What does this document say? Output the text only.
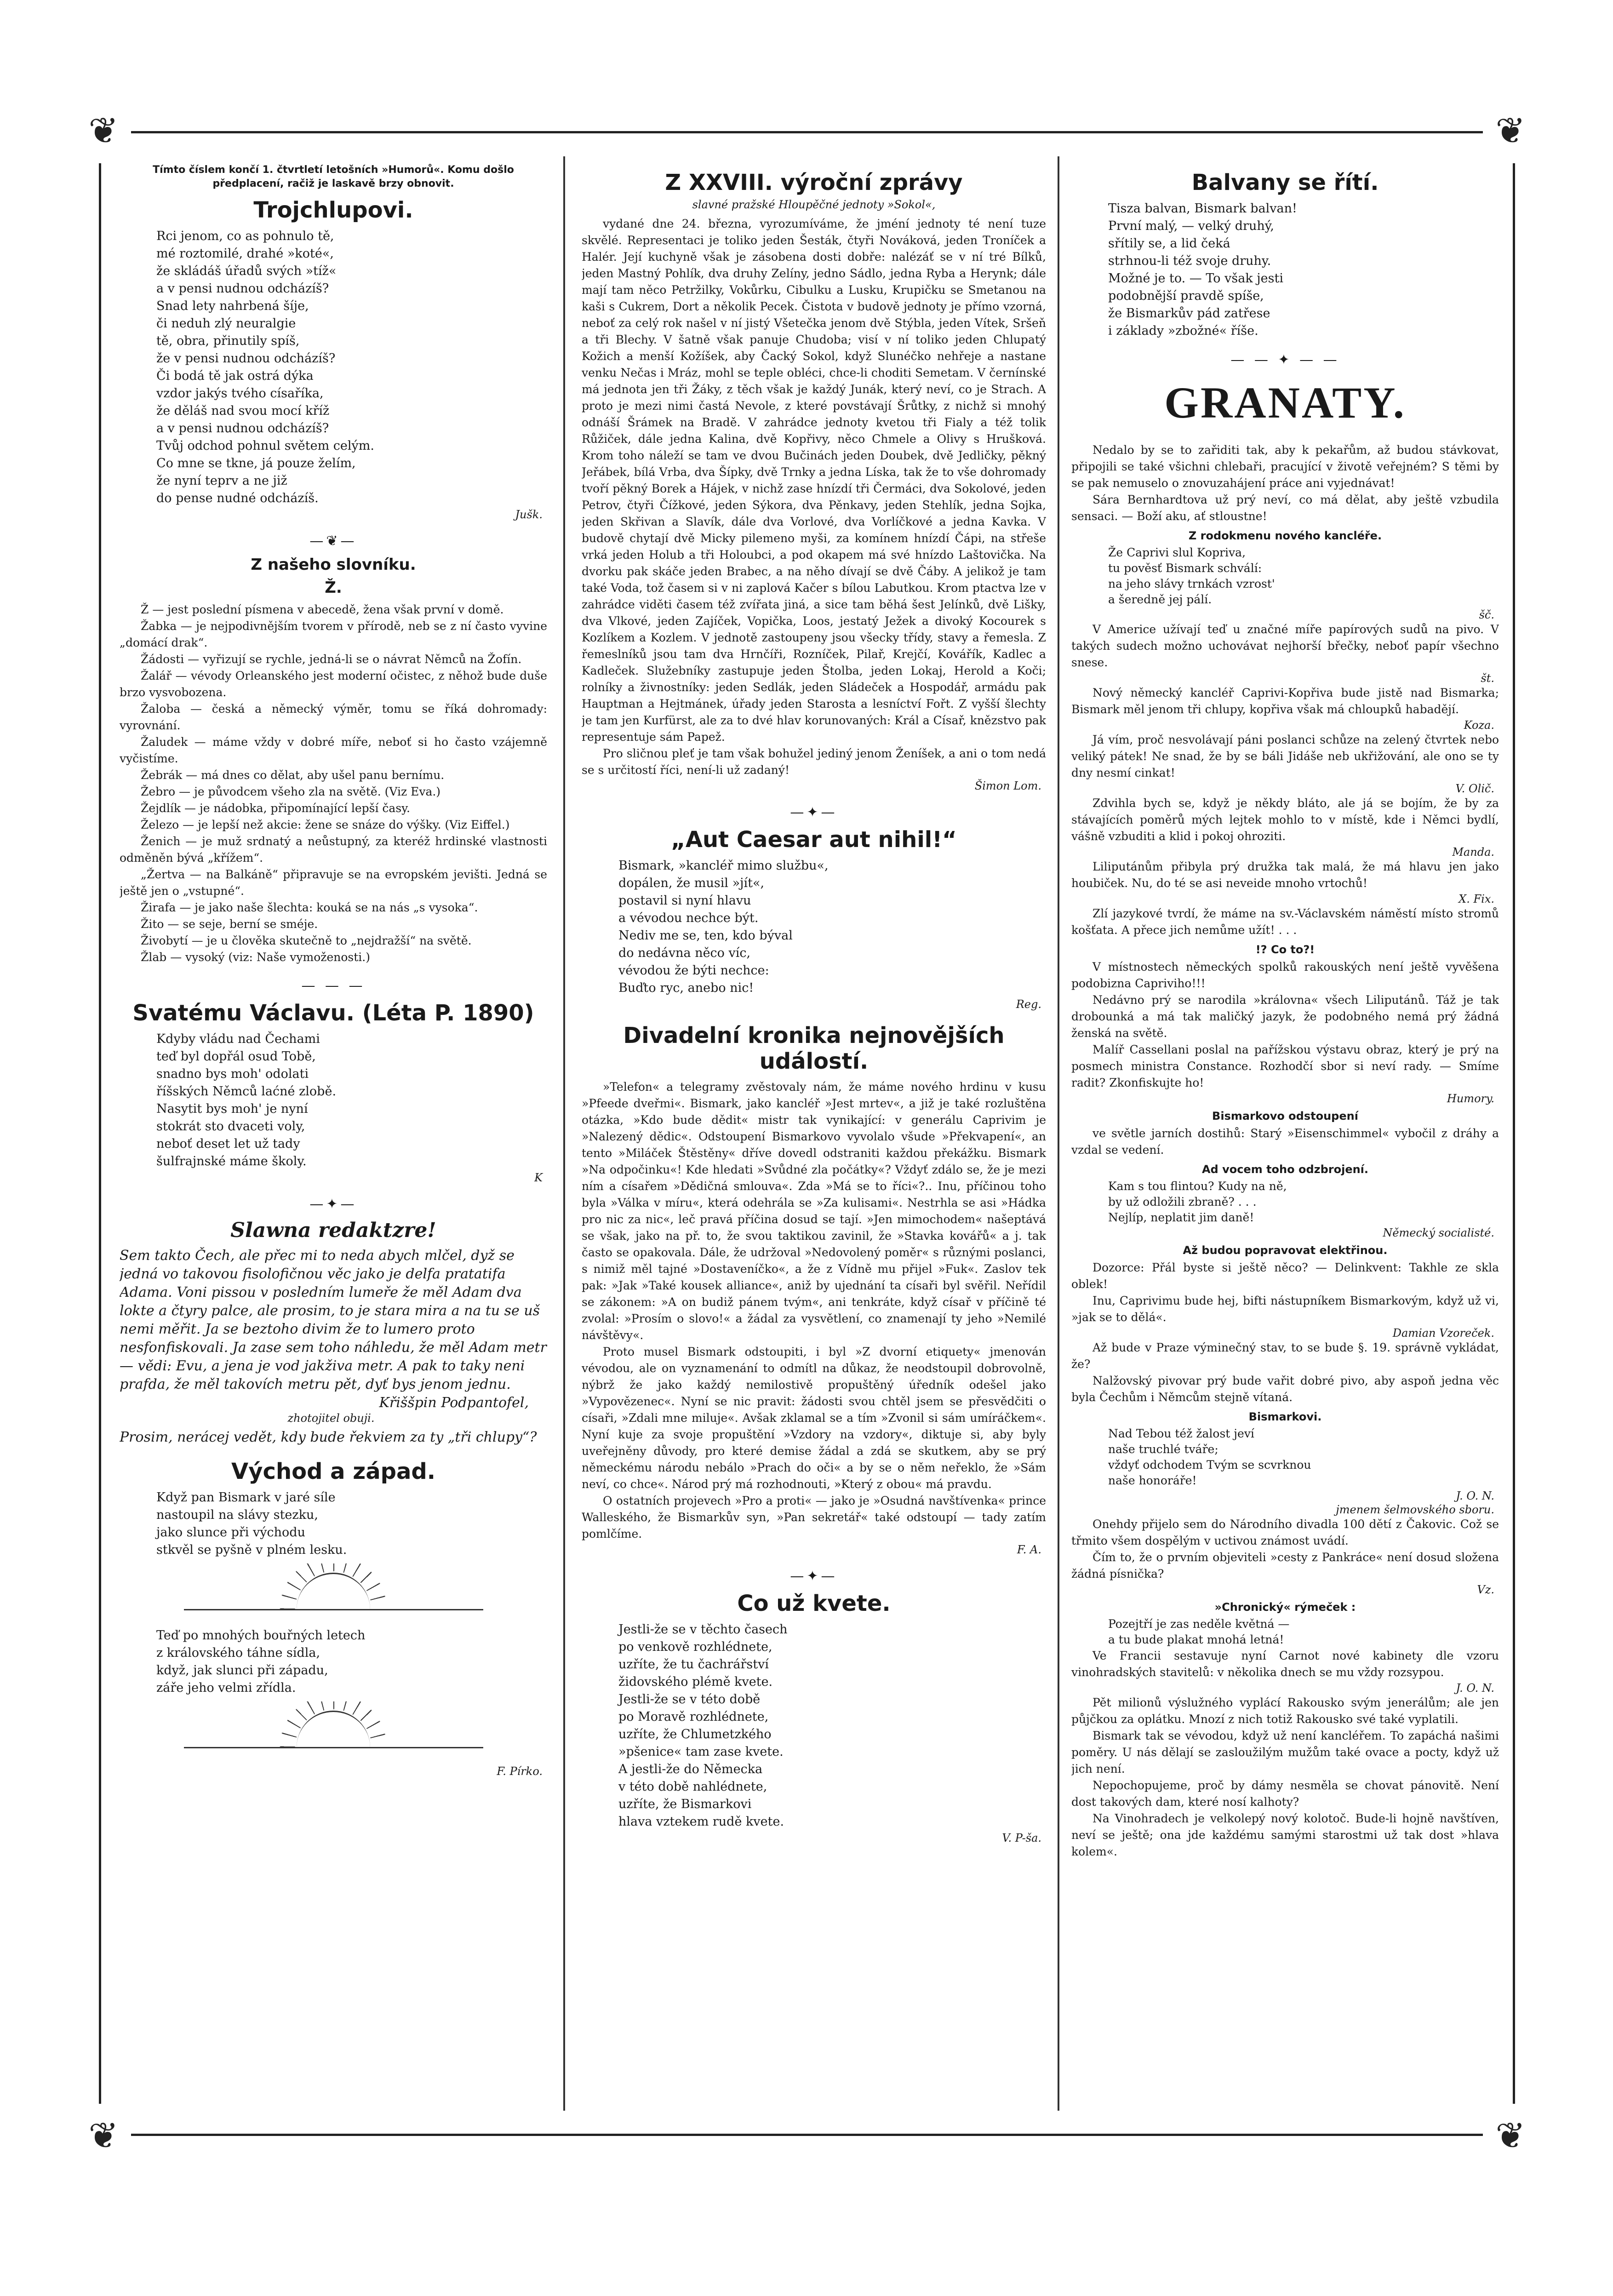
❦	❦
❦	❦
Tímto číslem končí 1. čtvrtletí letošních »Humorů«. Komu došlo předplacení, račiž je laskavě brzy obnovit.
Trojchlupovi.
Rci jenom, co as pohnulo tě,
mé roztomilé, drahé »koté«,
že skládáš úřadů svých »tíž«
a v pensi nudnou odcházíš?
Snad lety nahrbená šíje,
či neduh zlý neuralgie
tě, obra, přinutily spíš,
že v pensi nudnou odcházíš?
Či bodá tě jak ostrá dýka
vzdor jakýs tvého císaříka,
že děláš nad svou mocí kříž
a v pensi nudnou odcházíš?
Tvůj odchod pohnul světem celým.
Co mne se tkne, já pouze želím,
že nyní teprv a ne již
do pense nudné odcházíš.
Jušk.
—❦—
Z našeho slovníku.
Ž.

Ž — jest poslední písmena v abecedě, žena však první v domě.

Žabka — je nejpodivnějším tvorem v přírodě, neb se z ní často vyvine „domácí drak“.

Žádosti — vyřizují se rychle, jedná-li se o návrat Němců na Žofín.

Žalář — vévody Orleanského jest moderní očistec, z něhož bude duše brzo vysvobozena.

Žaloba — česká a německý výměr, tomu se říká dohromady: vyrovnání.

Žaludek — máme vždy v dobré míře, neboť si ho často vzájemně vyčistíme.

Žebrák — má dnes co dělat, aby ušel panu bernímu.

Žebro — je původcem všeho zla na světě. (Viz Eva.)

Žejdlík — je nádobka, připomínající lepší časy.

Železo — je lepší než akcie: žene se snáze do výšky. (Viz Eiffel.)

Ženich — je muž srdnatý a neůstupný, za kteréž hrdinské vlastnosti odměněn bývá „křížem“.

„Žertva — na Balkáně“ připravuje se na evropském jevišti. Jedná se ještě jen o „vstupné“.

Žirafa — je jako naše šlechta: kouká se na nás „s vysoka“.

Žito — se seje, berní se sméje.

Živobytí — je u člověka skutečně to „nejdražší“ na světě.

Žlab — vysoký (viz: Naše vymoženosti.)

— — —
Svatému Václavu. (Léta P. 1890)
Kdyby vládu nad Čechami
teď byl dopřál osud Tobě,
snadno bys moh' odolati
říšských Němců laćné zlobě.
Nasytit bys moh' je nyní
stokrát sto dvaceti voly,
neboť deset let už tady
šulfrajnské máme školy.
K
—✦—
Slawna redaktzre!
Sem takto Čech, ale přec mi to neda abych mlčel, dyž se jedná vo takovou fisolofičnou věc jako je delfa pratatifa Adama. Voni pissou v posledním lumeře že měl Adam dva lokte a čtyry palce, ale prosim, to je stara mira a na tu se uš nemi měřit. Ja se beztoho divim že to lumero proto nesfonfiskovali. Ja zase sem toho náhledu, že měl Adam metr — vědi: Evu, a jena je vod jakživa metr. A pak to taky neni prafda, že měl takovích metru pět, dyť bys jenom jednu.
Křiššpin Podpantofel,
zhotojitel obuji.
Prosim, nerácej vedět, kdy bude řekviem za ty „tři chlupy“?
Východ a západ.
Když pan Bismark v jaré síle
nastoupil na slávy stezku,
jako slunce při východu
stkvěl se pyšně v plném lesku.
Teď po mnohých bouřných letech
z královského táhne sídla,
když, jak slunci při západu,
záře jeho velmi zřídla.
F. Pírko.
Z XXVIII. výroční zprávy
slavné pražské Hloupěčné jednoty »Sokol«,

vydané dne 24. března, vyrozumíváme, že jméní jednoty té není tuze skvělé. Representaci je toliko jeden Šesták, čtyři Nováková, jeden Troníček a Halér. Její kuchyně však je zásobena dosti dobře: nalézáť se v ní tré Bílků, jeden Mastný Pohlík, dva druhy Zelíny, jedno Sádlo, jedna Ryba a Herynk; dále mají tam něco Petržilky, Vokůrku, Cibulku a Lusku, Krupičku se Smetanou na kaši s Cukrem, Dort a několik Pecek. Čistota v budově jednoty je přímo vzorná, neboť za celý rok našel v ní jistý Všetečka jenom dvě Stýbla, jeden Vítek, Sršeň a tři Blechy. V šatně však panuje Chudoba; visí v ní toliko jeden Chlupatý Kožich a menší Kožíšek, aby Čacký Sokol, když Slunéčko nehřeje a nastane venku Nečas i Mráz, mohl se teple obléci, chce-li choditi Semetam. V černínské má jednota jen tři Žáky, z těch však je každý Junák, který neví, co je Strach. A proto je mezi nimi častá Nevole, z které povstávají Šrůtky, z nichž si mnohý odnáší Šrámek na Bradě. V zahrádce jednoty kvetou tři Fialy a též tolik Růžiček, dále jedna Kalina, dvě Kopřivy, něco Chmele a Olivy s Hrušková. Krom toho náleží se tam ve dvou Bučinách jeden Doubek, dvě Jedličky, pěkný Jeřábek, bílá Vrba, dva Šípky, dvě Trnky a jedna Líska, tak že to vše dohromady tvoří pěkný Borek a Hájek, v nichž zase hnízdí tři Čermáci, dva Sokolové, jeden Petrov, čtyři Čížkové, jeden Sýkora, dva Pěnkavy, jeden Stehlík, jedna Sojka, jeden Skřivan a Slavík, dále dva Vorlové, dva Vorlíčkové a jedna Kavka. V budově chytají dvě Micky pilemeno myši, za komínem hnízdí Čápi, na střeše vrká jeden Holub a tři Holoubci, a pod okapem má své hnízdo Laštovička. Na dvorku pak skáče jeden Brabec, a na něho dívají se dvě Čáby. A jelikož je tam také Voda, tož časem si v ni zaplová Kačer s bílou Labutkou. Krom ptactva lze v zahrádce viděti časem též zvířata jiná, a sice tam běhá šest Jelínků, dvě Lišky, dva Vlkové, jeden Zajíček, Vopička, Loos, jestatý Ježek a divoký Kocourek s Kozlíkem a Kozlem. V jednotě zastoupeny jsou všecky třídy, stavy a řemesla. Z řemeslníků jsou tam dva Hrnčíři, Rozníček, Pilař, Krejčí, Kovářík, Kadlec a Kadleček. Služebníky zastupuje jeden Štolba, jeden Lokaj, Herold a Koči; rolníky a živnostníky: jeden Sedlák, jeden Sládeček a Hospodář, armádu pak Hauptman a Hejtmánek, úřady jeden Starosta a lesníctví Fořt. Z vyšší šlechty je tam jen Kurfürst, ale za to dvé hlav korunovaných: Král a Císař, knězstvo pak representuje sám Papež.

Pro sličnou pleť je tam však bohužel jediný jenom Ženíšek, a ani o tom nedá se s určitostí říci, není-li už zadaný!

Šimon Lom.
—✦—
„Aut Caesar aut nihil!“
Bismark, »kancléř mimo službu«,
dopálen, že musil »jít«,
postavil si nyní hlavu
a vévodou nechce být.
Nediv me se, ten, kdo býval
do nedávna něco víc,
vévodou že býti nechce:
Buďto ryc, anebo nic!
Reg.
Divadelní kronika nejnovějších událostí.

»Telefon« a telegramy zvěstovaly nám, že máme nového hrdinu v kusu »Pfeede dveřmi«. Bismark, jako kancléř »Jest mrtev«, a již je také rozluštěna otázka, »Kdo bude dědit« mistr tak vynikající: v generálu Caprivim je »Nalezený dědic«. Odstoupení Bismarkovo vyvolalo všude »Překvapení«, an tento »Miláček Štěstěny« dříve dovedl odstraniti každou překážku. Bismark »Na odpočinku«! Kde hledati »Svůdné zla počátky«? Vždyť zdálo se, že je mezi ním a císařem »Dědičná smlouva«. Zda »Má se to říci«?.. Inu, příčinou toho byla »Válka v míru«, která odehrála se »Za kulisami«. Nestrhla se asi »Hádka pro nic za nic«, leč pravá příčina dosud se tají. »Jen mimochodem« našeptává se však, jako na př. to, že svou taktikou zavinil, že »Stavka kovářů« a j. tak často se opakovala. Dále, že udržoval »Nedovolený poměr« s různými poslanci, s nimiž měl tajné »Dostaveníčko«, a že z Vídně mu přijel »Fuk«. Zaslov tek pak: »Jak »Také kousek alliance«, aniž by ujednání ta císaři byl svěřil. Neřídil se zákonem: »A on budiž pánem tvým«, ani tenkráte, když císař v příčině té zvolal: »Prosím o slovo!« a žádal za vysvětlení, co znamenají ty jeho »Nemilé návštěvy«.

Proto musel Bismark odstoupiti, i byl »Z dvorní etiquety« jmenován vévodou, ale on vyznamenání to odmítl na důkaz, že neodstoupil dobrovolně, nýbrž že jako každý nemilostivě propuštěný úředník odešel jako »Vypovězenec«. Nyní se nic pravit: žádosti svou chtěl jsem se přesvědčiti o císaři, »Zdali mne miluje«. Avšak zklamal se a tím »Zvonil si sám umíráčkem«. Nyní kuje za svoje propuštění »Vzdory na vzdory«, diktuje si, aby byly uveřejněny důvody, pro které demise žádal a zdá se skutkem, aby se prý německému národu nebálo »Prach do oči« a by se o něm neřeklo, že »Sám neví, co chce«. Národ prý má rozhodnouti, »Který z obou« má pravdu.

O ostatních projevech »Pro a proti« — jako je »Osudná navštívenka« prince Walleského, že Bismarkův syn, »Pan sekretář« také odstoupí — tady zatím pomlčíme.

F. A.
—✦—
Co už kvete.
Jestli-že se v těchto časech
po venkově rozhlédnete,
uzříte, že tu čachrářství
židovského plémě kvete.
Jestli-že se v této době
po Moravě rozhlédnete,
uzříte, že Chlumetzkého
»pšenice« tam zase kvete.
A jestli-že do Německa
v této době nahlédnete,
uzříte, že Bismarkovi
hlava vztekem rudě kvete.
V. P-ša.
Balvany se řítí.
Tisza balvan, Bismark balvan!
První malý, — velký druhý,
sřítily se, a lid čeká
strhnou-li též svoje druhy.
Možné je to. — To však jesti
podobnější pravdě spíše,
že Bismarkův pád zatřese
i základy »zbožné« říše.
— — ✦ — —
GRANATY.

Nedalo by se to zařiditi tak, aby k pekařům, až budou stávkovat, připojili se také všichni chlebaři, pracující v životě veřejném? S těmi by se pak nemuselo o znovuzahájení práce ani vyjednávat!

Sára Bernhardtova už prý neví, co má dělat, aby ještě vzbudila sensaci. — Boží aku, ať stloustne!

Z rodokmenu nového kancléře.
Že Caprivi slul Kopriva,
tu pověsť Bismark schválí:
na jeho slávy trnkách vzrost'
a šeredně jej pálí.
šč.

V Americe užívají teď u značné míře papírových sudů na pivo. V takých sudech možno uchovávat nejhorší břečky, neboť papír všechno snese.

št.

Nový německý kancléř Caprivi-Kopřiva bude jistě nad Bismarka; Bismark měl jenom tři chlupy, kopřiva však má chloupků habadějí.

Koza.

Já vím, proč nesvolávají páni poslanci schůze na zelený čtvrtek nebo veliký pátek! Ne snad, že by se báli Jidáše neb ukřižování, ale ono se ty dny nesmí cinkat!

V. Olič.

Zdvihla bych se, když je někdy bláto, ale já se bojím, že by za stávajících poměrů mých lejtek mohlo to v místě, kde i Němci bydlí, vášně vzbuditi a klid i pokoj ohroziti.

Manda.

Liliputánům přibyla prý družka tak malá, že má hlavu jen jako houbiček. Nu, do té se asi neveide mnoho vrtochů!

X. Fix.

Zlí jazykové tvrdí, že máme na sv.-Václavském náměstí místo stromů košťata. A přece jich nemůme užít! . . .

!? Co to?!

V místnostech německých spolků rakouských není ještě vyvěšena podobizna Capriviho!!!

Nedávno prý se narodila »královna« všech Liliputánů. Táž je tak drobounká a má tak maličký jazyk, že podobného nemá prý žádná ženská na světě.

Malíř Cassellani poslal na pařížskou výstavu obraz, který je prý na posmech ministra Constance. Rozhodčí sbor si neví rady. — Smíme radit? Zkonfiskujte ho!

Humory.
Bismarkovo odstoupení

ve světle jarních dostihů: Starý »Eisenschimmel« vybočil z dráhy a vzdal se vedení.

Ad vocem toho odzbrojení.
Kam s tou flintou? Kudy na ně,
by už odložili zbraně? . . .
Nejlíp, neplatit jim daně!
Německý socialisté.
Až budou popravovat elektřinou.

Dozorce: Přál byste si ještě něco? — Delinkvent: Takhle ze skla oblek!

Inu, Caprivimu bude hej, bifti nástupníkem Bismarkovým, když už vi, »jak se to dělá«.

Damian Vzoreček.

Až bude v Praze výminečný stav, to se bude §. 19. správně vykládat, že?

Nalžovský pivovar prý bude vařit dobré pivo, aby aspoň jedna věc byla Čechům i Němcům stejně vítaná.

Bismarkovi.
Nad Tebou též žalost jeví
naše truchlé tváře;
vždyť odchodem Tvým se scvrknou
naše honoráře!
J. O. N.
jmenem šelmovského sboru.

Onehdy přijelo sem do Národního divadla 100 dětí z Čakovic. Což se třmito všem dospělým v uctivou známost uvádí.

Čím to, že o prvním objeviteli »cesty z Pankráce« není dosud složena žádná písnička?

Vz.
»Chronický« rýmeček :
Pozejtří je zas neděle květná —
a tu bude plakat mnohá letná!

Ve Francii sestavuje nyní Carnot nové kabinety dle vzoru vinohradských stavitelů: v několika dnech se mu vždy rozsypou.

J. O. N.

Pět milionů výslužného vyplácí Rakousko svým jenerálům; ale jen půjčkou za oplátku. Mnozí z nich totiž Rakousko své také vyplatili.

Bismark tak se vévodou, když už není kancléřem. To zapáchá našimi poměry. U nás dělají se zasloužilým mužům také ovace a pocty, když už jich není.

Nepochopujeme, proč by dámy nesměla se chovat pánovitě. Není dost takových dam, které nosí kalhoty?

Na Vinohradech je velkolepý nový kolotoč. Bude-li hojně navštíven, neví se ještě; ona jde každému samými starostmi už tak dost »hlava kolem«.
